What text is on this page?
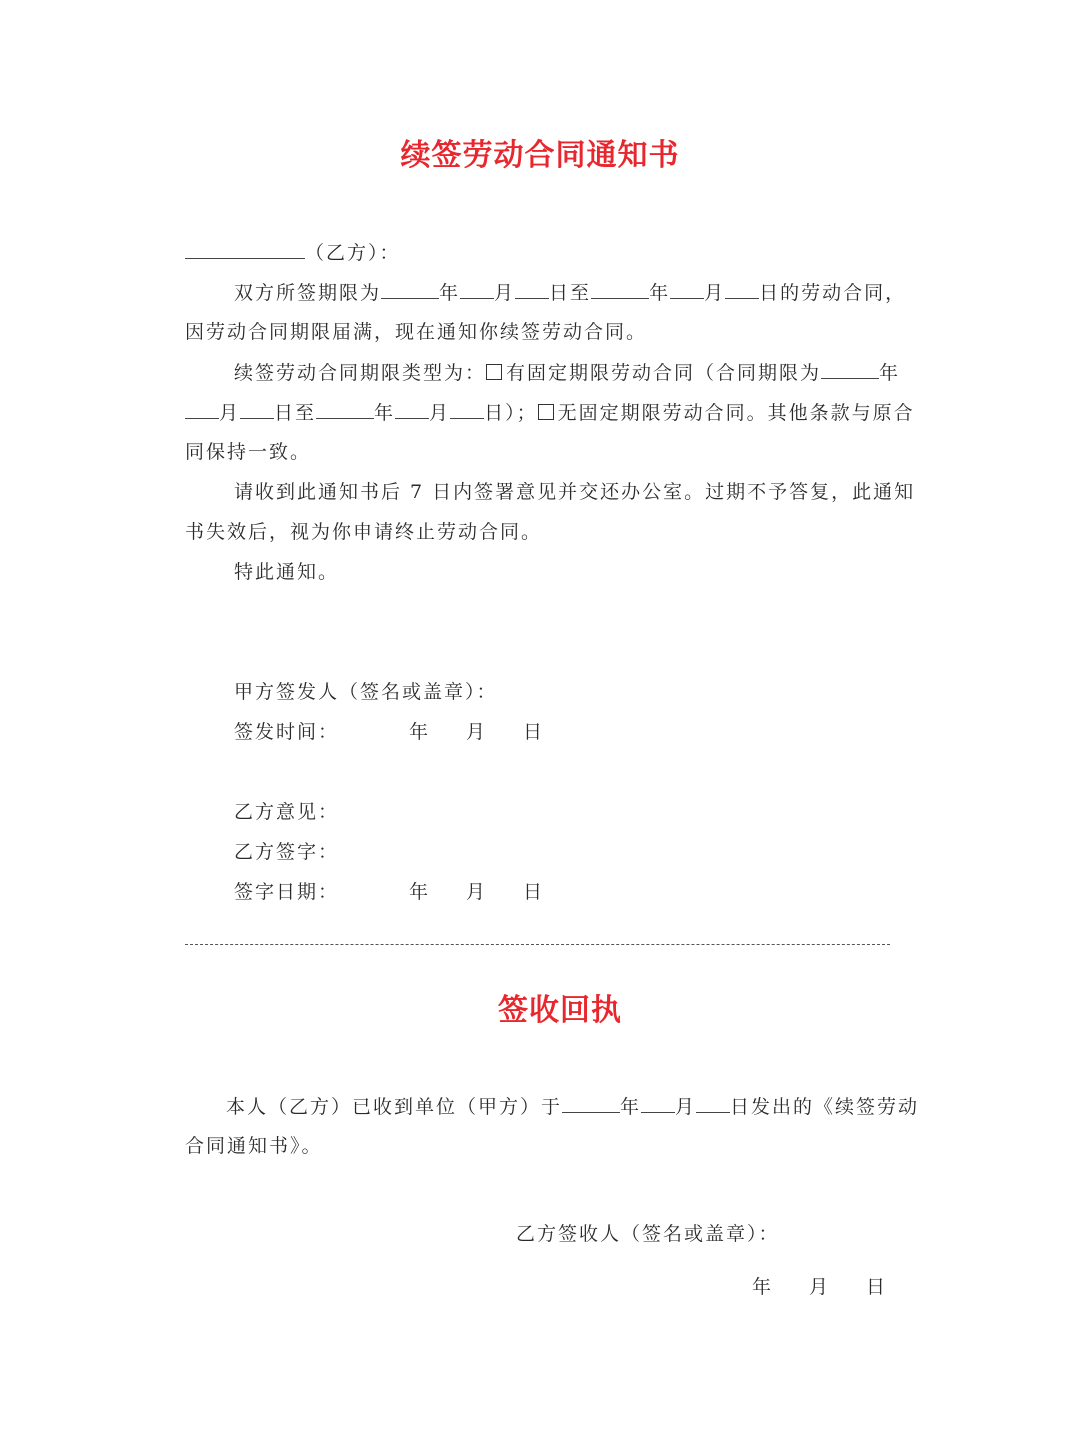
续签劳动合同通知书
（乙方）：
双方所签期限为	年 月 日至	年 月 日的劳动合同，
因劳动合同期限届满，现在通知你续签劳动合同。
续签劳动合同期限类型为： 有固定期限劳动合同（合同期限为	年
月 日至	年 月 日）； 无固定期限劳动合同。其他条款与原合
同保持一致。
请收到此通知书后 7 日内签署意见并交还办公室。过期不予答复，此通知
书失效后，视为你申请终止劳动合同。
特此通知。
甲方签发人（签名或盖章）：
签发时间：	年 月 日
乙方意见：
乙方签字：
签字日期：	年 月 日
签收回执
本人（乙方）已收到单位（甲方）于	年 月 日发出的《续签劳动
合同通知书》。
乙方签收人（签名或盖章）：
年 月 日
